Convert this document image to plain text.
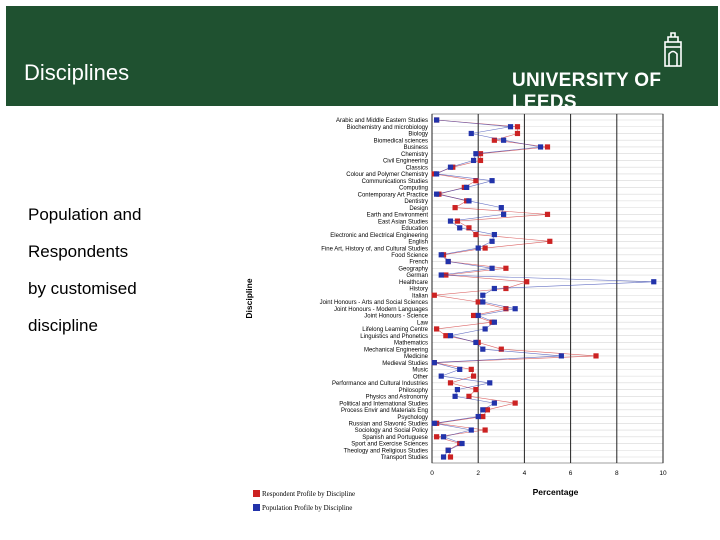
Disciplines	UNIVERSITY OF LEEDS
Population and
Respondents
by customised
discipline
0	2	4	6	8	10
Arabic and Middle Eastern Studies
Biochemistry and microbiology
Biology
Biomedical sciences
Business
Chemistry
Civil Engineering
Classics
Colour and Polymer Chemistry
Communications Studies
Computing
Contemporary Art Practice
Dentistry
Design
Earth and Environment
East Asian Studies
Education
Electronic and Electrical Engineering
English
Fine Art, History of, and Cultural Studies
Food Science
French
Geography
German
Healthcare
History
Italian
Joint Honours - Arts and Social Sciences
Joint Honours - Modern Languages
Joint Honours - Science
Law
Lifelong Learning Centre
Linguistics and Phonetics
Mathematics
Mechanical Engineering
Medicine
Medieval Studies
Music
Other
Performance and Cultural Industries
Philosophy
Physics and Astronomy
Political and International Studies
Process Envir and Materials Eng
Psychology
Russian and Slavonic Studies
Sociology and Social Policy
Spanish and Portuguese
Sport and Exercise Sciences
Theology and Religious Studies
Transport Studies
Percentage
Discipline
Respondent Profile by Discipline
Population Profile by Discipline
